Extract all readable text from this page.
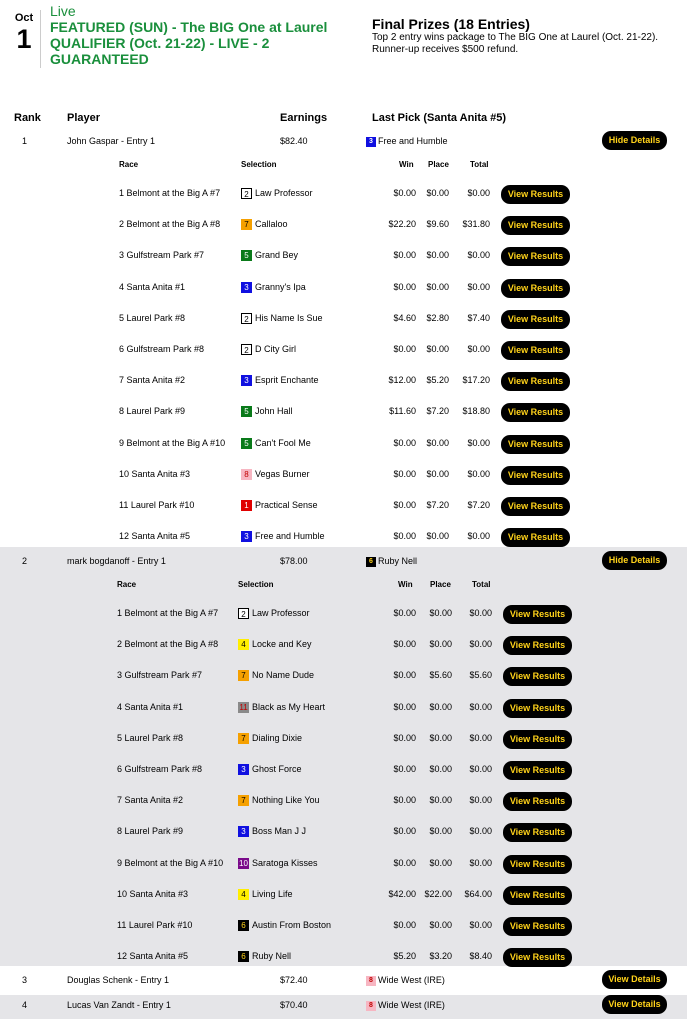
Oct
1
Live
FEATURED (SUN) - The BIG One at Laurel QUALIFIER (Oct. 21-22) - LIVE - 2 GUARANTEED
Final Prizes (18 Entries)
Top 2 entry wins package to The BIG One at Laurel (Oct. 21-22).
Runner-up receives $500 refund.
Rank Player	Earnings	Last Pick (Santa Anita #5)
1	John Gaspar - Entry 1	$82.40	3 Free and Humble	Hide Details
Race	Selection	Win Place	Total
1 Belmont at the Big A #7	2 Law Professor	$0.00	$0.00	$0.00	View Results
2 Belmont at the Big A #8	7 Callaloo	$22.20	$9.60	$31.80	View Results
3 Gulfstream Park #7	5 Grand Bey	$0.00	$0.00	$0.00	View Results
4 Santa Anita #1	3 Granny's Ipa	$0.00	$0.00	$0.00	View Results
5 Laurel Park #8	2 His Name Is Sue	$4.60	$2.80	$7.40	View Results
6 Gulfstream Park #8	2 D City Girl	$0.00	$0.00	$0.00	View Results
7 Santa Anita #2	3 Esprit Enchante	$12.00	$5.20	$17.20	View Results
8 Laurel Park #9	5 John Hall	$11.60	$7.20	$18.80	View Results
9 Belmont at the Big A #10	5 Can't Fool Me	$0.00	$0.00	$0.00	View Results
10 Santa Anita #3	8 Vegas Burner	$0.00	$0.00	$0.00	View Results
11 Laurel Park #10	1 Practical Sense	$0.00	$7.20	$7.20	View Results
12 Santa Anita #5	3 Free and Humble	$0.00	$0.00	$0.00	View Results
2	mark bogdanoff - Entry 1	$78.00	6 Ruby Nell	Hide Details
Race	Selection	Win Place	Total
1 Belmont at the Big A #7	2 Law Professor	$0.00	$0.00	$0.00	View Results
2 Belmont at the Big A #8	4 Locke and Key	$0.00	$0.00	$0.00	View Results
3 Gulfstream Park #7	7 No Name Dude	$0.00	$5.60	$5.60	View Results
4 Santa Anita #1	11 Black as My Heart	$0.00	$0.00	$0.00	View Results
5 Laurel Park #8	7 Dialing Dixie	$0.00	$0.00	$0.00	View Results
6 Gulfstream Park #8	3 Ghost Force	$0.00	$0.00	$0.00	View Results
7 Santa Anita #2	7 Nothing Like You	$0.00	$0.00	$0.00	View Results
8 Laurel Park #9	3 Boss Man J J	$0.00	$0.00	$0.00	View Results
9 Belmont at the Big A #10 10 Saratoga Kisses	$0.00	$0.00	$0.00	View Results
10 Santa Anita #3	4 Living Life	$42.00 $22.00	$64.00	View Results
11 Laurel Park #10	6 Austin From Boston	$0.00	$0.00	$0.00	View Results
12 Santa Anita #5	6 Ruby Nell	$5.20	$3.20	$8.40	View Results
3	Douglas Schenk - Entry 1	$72.40	8 Wide West (IRE)	View Details
4	Lucas Van Zandt - Entry 1	$70.40	8 Wide West (IRE)	View Details
